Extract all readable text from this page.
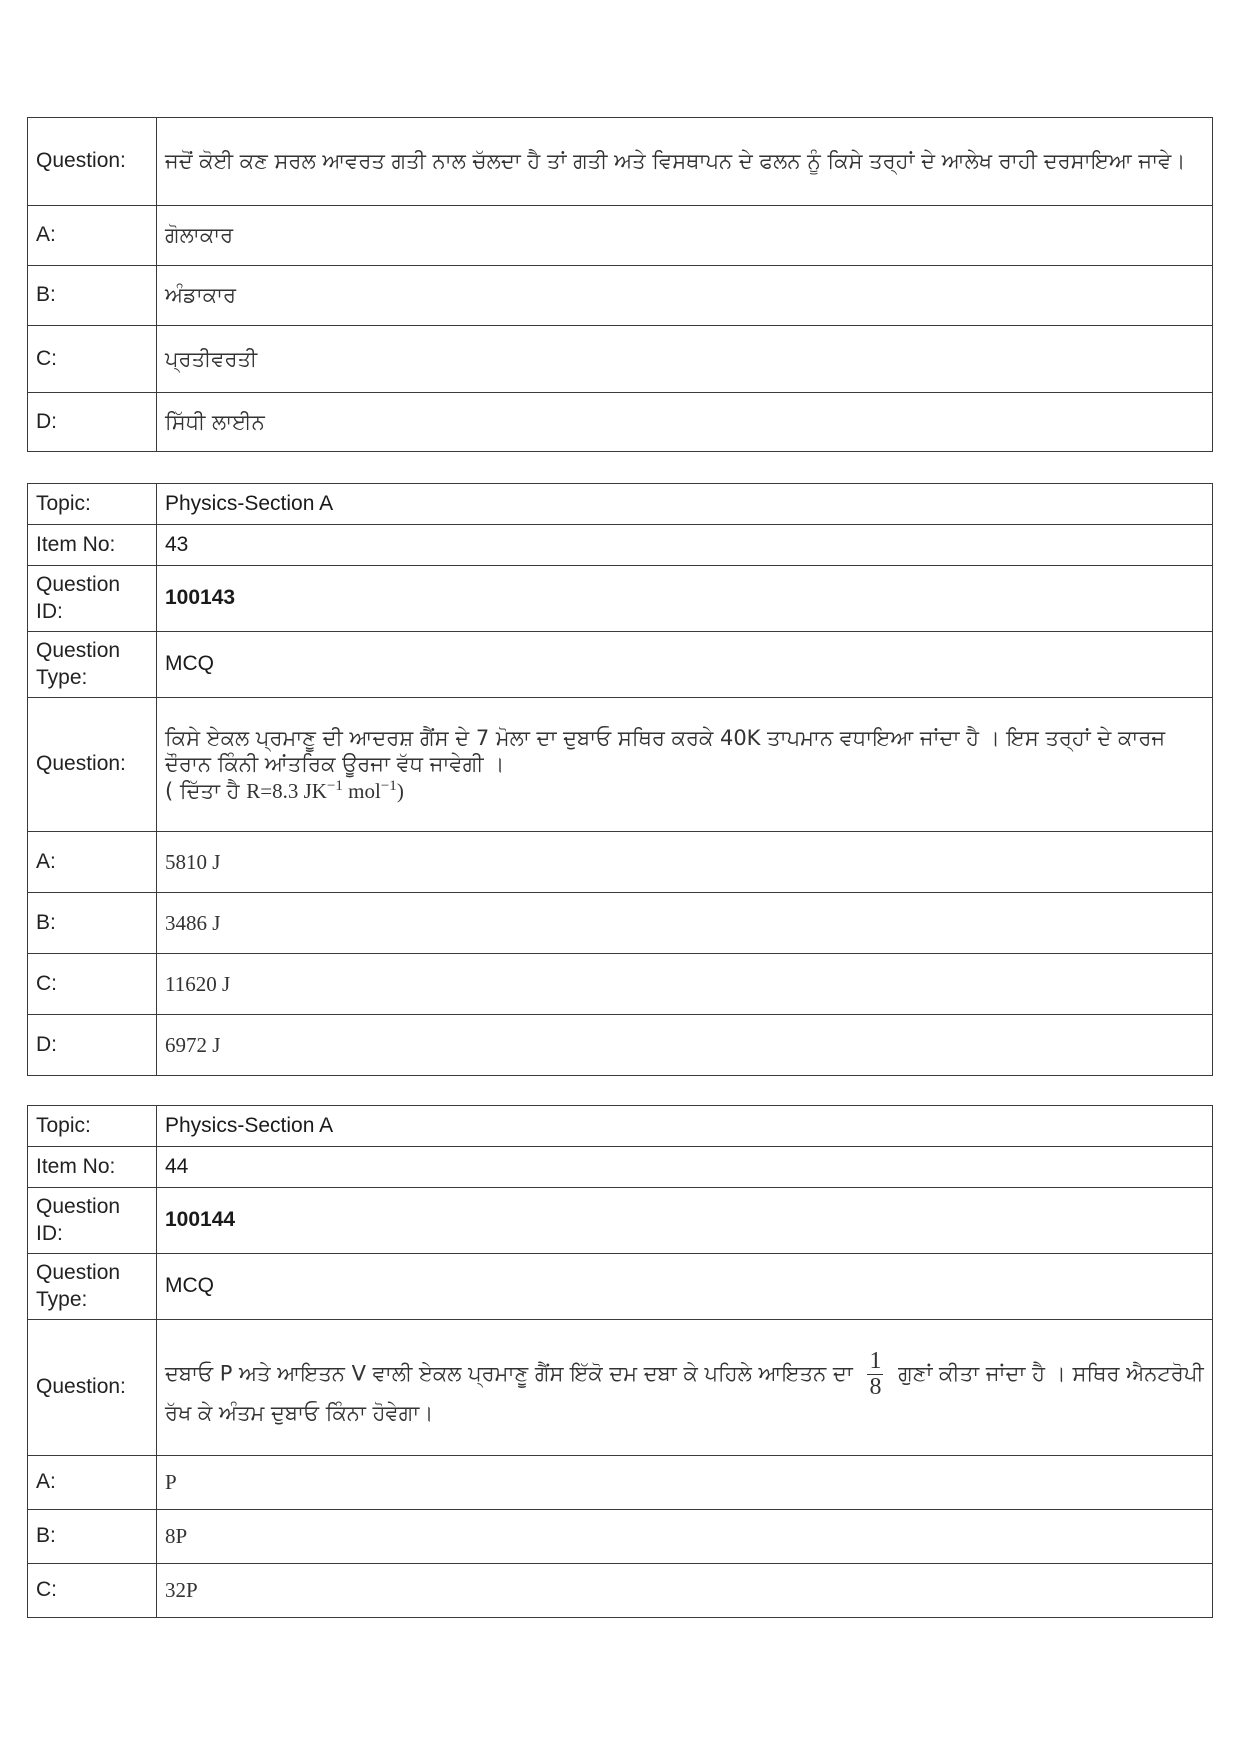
Question:	ਜਦੋਂ ਕੋਈ ਕਣ ਸਰਲ ਆਵਰਤ ਗਤੀ ਨਾਲ ਚੱਲਦਾ ਹੈ ਤਾਂ ਗਤੀ ਅਤੇ ਵਿਸਥਾਪਨ ਦੇ ਫਲਨ ਨੂੰ ਕਿਸੇ ਤਰ੍ਹਾਂ ਦੇ ਆਲੇਖ ਰਾਹੀ ਦਰਸਾਇਆ ਜਾਵੇ।
A:	ਗੋਲਾਕਾਰ
B:	ਅੰਡਾਕਾਰ
C:	ਪ੍ਰਤੀਵਰਤੀ
D:	ਸਿੱਧੀ ਲਾਈਨ
Topic:	Physics-Section A
Item No:	43
Question ID:	100143
Question Type:	MCQ
Question:	ਕਿਸੇ ਏਕਲ ਪ੍ਰਮਾਣੂ ਦੀ ਆਦਰਸ਼ ਗੈਂਸ ਦੇ 7 ਮੋਲਾ ਦਾ ਦੁਬਾਓ ਸਥਿਰ ਕਰਕੇ 40K ਤਾਪਮਾਨ ਵਧਾਇਆ ਜਾਂਦਾ ਹੈ । ਇਸ ਤਰ੍ਹਾਂ ਦੇ ਕਾਰਜ ਦੌਰਾਨ ਕਿੰਨੀ ਆਂਤਰਿਕ ਊਰਜਾ ਵੱਧ ਜਾਵੇਗੀ ।
( ਦਿੱਤਾ ਹੈ R=8.3 $JK^{-1}$ mol$^{-1}$)
A:	5810 J
B:	3486 J
C:	11620 J
D:	6972 J
Topic:	Physics-Section A
Item No:	44
Question ID:	100144
Question Type:	MCQ
Question:	ਦਬਾਓ P ਅਤੇ ਆਇਤਨ V ਵਾਲੀ ਏਕਲ ਪ੍ਰਮਾਣੂ ਗੈਂਸ ਇੱਕੋ ਦਮ ਦਬਾ ਕੇ ਪਹਿਲੇ ਆਇਤਨ ਦਾ $\frac{1}{8}$ ਗੁਣਾਂ ਕੀਤਾ ਜਾਂਦਾ ਹੈ । ਸਥਿਰ ਐਨਟਰੋਪੀ ਰੱਖ ਕੇ ਅੰਤਮ ਦੁਬਾਓ ਕਿੰਨਾ ਹੋਵੇਗਾ।
A:	P
B:	8P
C:	32P
